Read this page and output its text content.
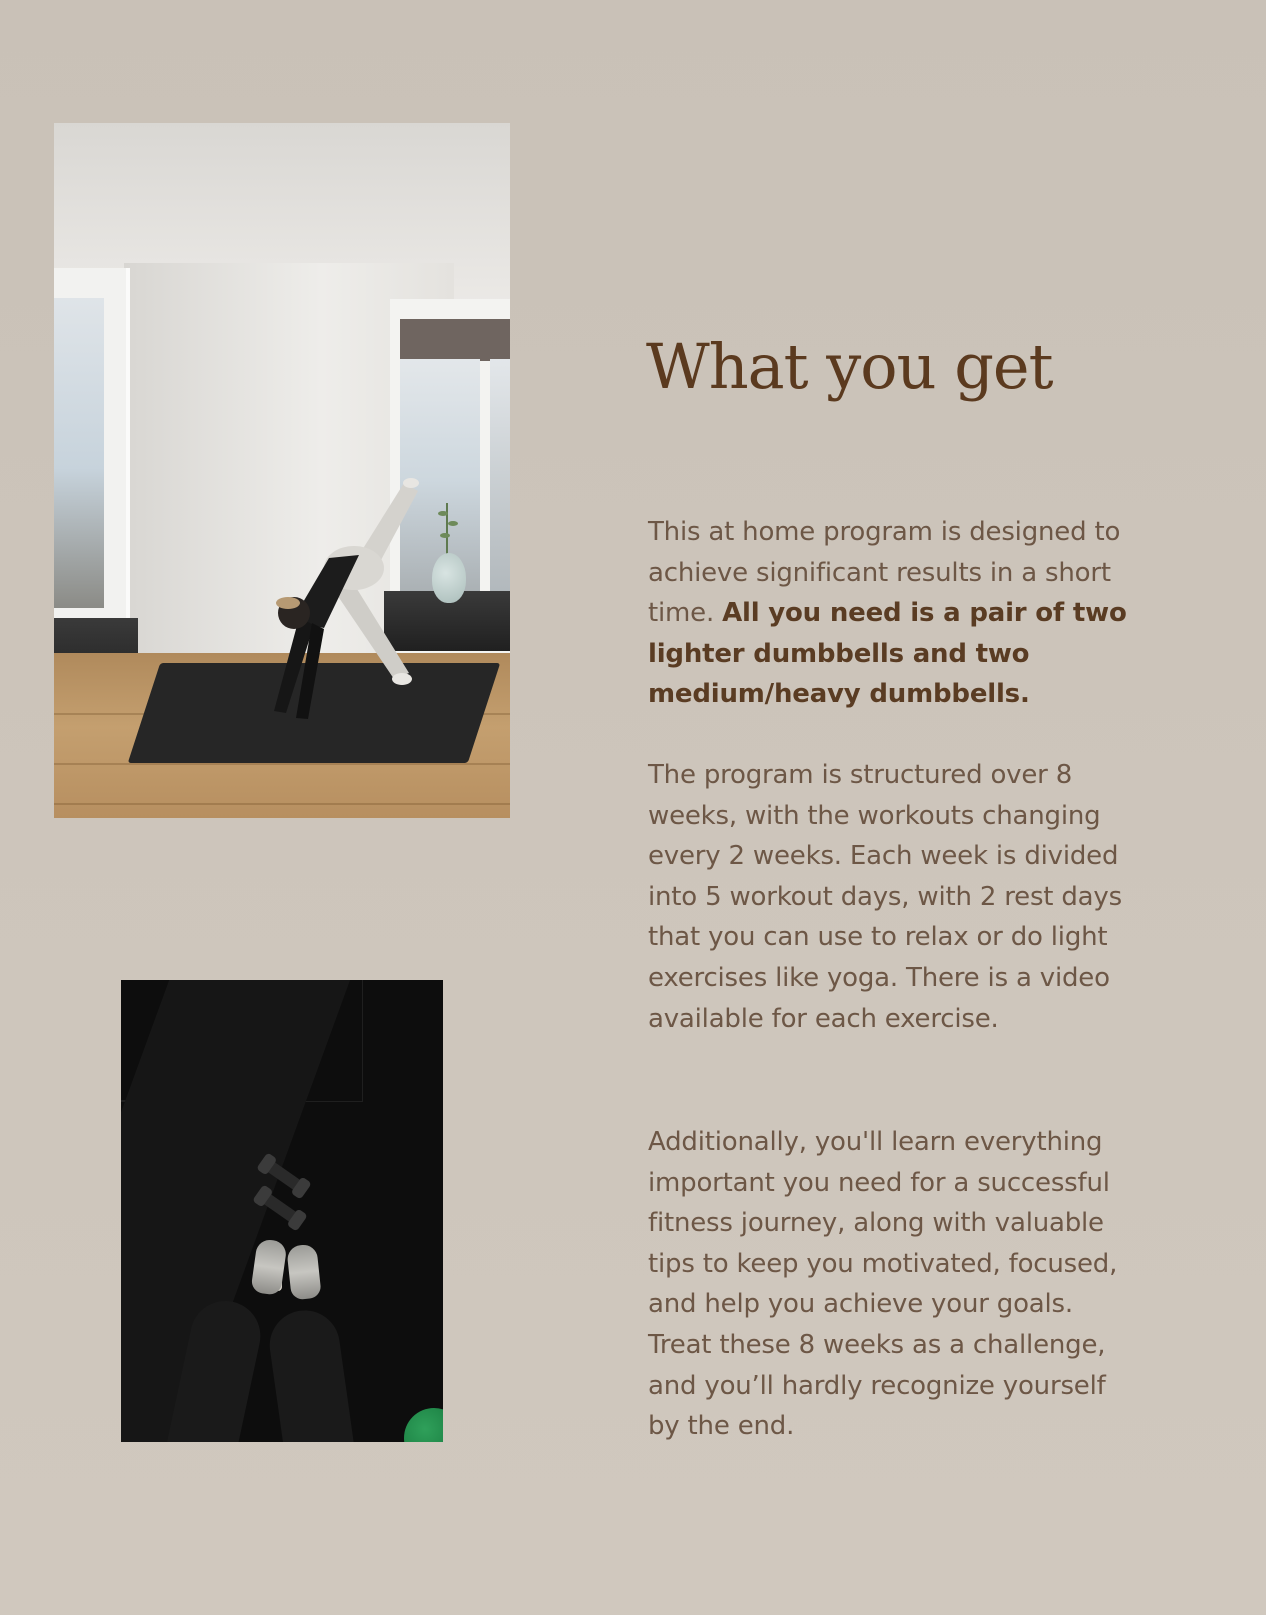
What you get

This at home program is designed to achieve significant results in a short time. All you need is a pair of two lighter dumbbells and two medium/heavy dumbbells.

The program is structured over 8 weeks, with the workouts changing every 2 weeks. Each week is divided into 5 workout days, with 2 rest days that you can use to relax or do light exercises like yoga. There is a video available for each exercise.

Additionally, you'll learn everything important you need for a successful fitness journey, along with valuable tips to keep you motivated, focused, and help you achieve your goals. Treat these 8 weeks as a challenge, and you’ll hardly recognize yourself by the end.
